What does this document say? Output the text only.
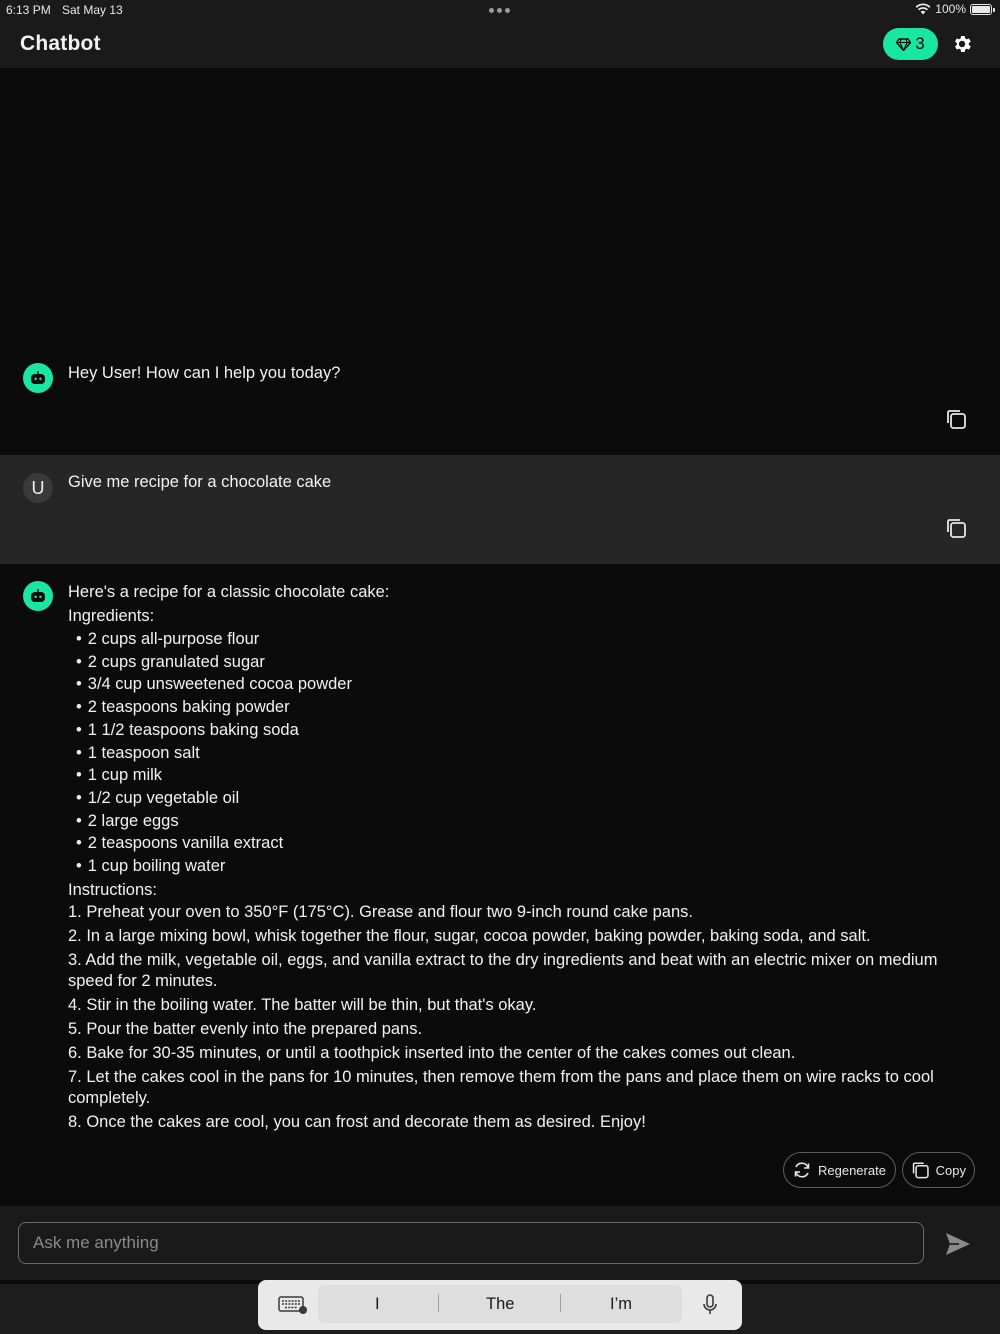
6:13 PM Sat May 13	100%
Chatbot	3
Hey User! How can I help you today?
U	Give me recipe for a chocolate cake
Here's a recipe for a classic chocolate cake:
Ingredients:
• 2 cups all-purpose flour
• 2 cups granulated sugar
• 3/4 cup unsweetened cocoa powder
• 2 teaspoons baking powder
• 1 1/2 teaspoons baking soda
• 1 teaspoon salt
• 1 cup milk
• 1/2 cup vegetable oil
• 2 large eggs
• 2 teaspoons vanilla extract
• 1 cup boiling water
Instructions:
1. Preheat your oven to 350°F (175°C). Grease and flour two 9-inch round cake pans.
2. In a large mixing bowl, whisk together the flour, sugar, cocoa powder, baking powder, baking soda, and salt.
3. Add the milk, vegetable oil, eggs, and vanilla extract to the dry ingredients and beat with an electric mixer on medium speed for 2 minutes.
4. Stir in the boiling water. The batter will be thin, but that's okay.
5. Pour the batter evenly into the prepared pans.
6. Bake for 30-35 minutes, or until a toothpick inserted into the center of the cakes comes out clean.
7. Let the cakes cool in the pans for 10 minutes, then remove them from the pans and place them on wire racks to cool completely.
8. Once the cakes are cool, you can frost and decorate them as desired. Enjoy!
Regenerate	Copy
Ask me anything
I	The	I’m
